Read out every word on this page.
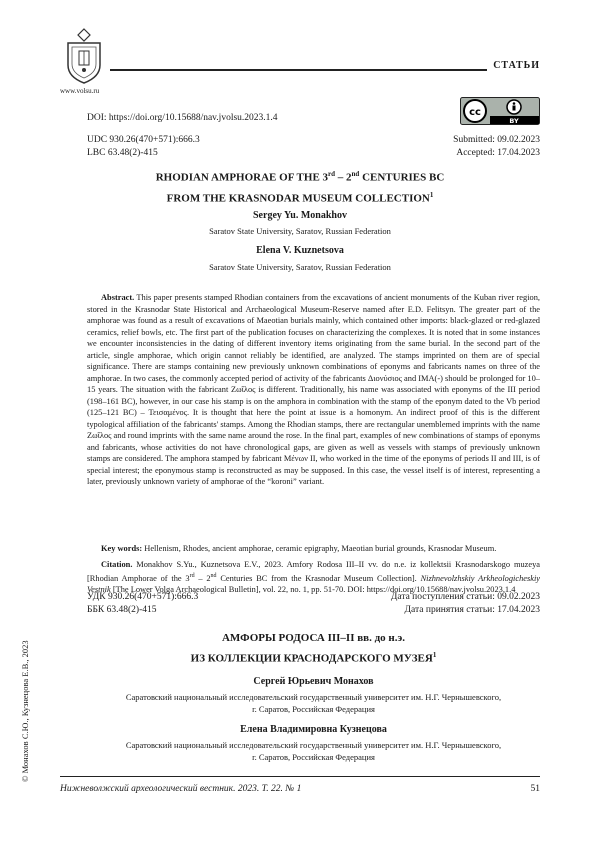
www.volsu.ru
СТАТЬИ
DOI: https://doi.org/10.15688/nav.jvolsu.2023.1.4	cc
BY
UDC 930.26(470+571):666.3
LBC 63.48(2)-415
Submitted: 09.02.2023
Accepted: 17.04.2023
RHODIAN AMPHORAE OF THE 3rd – 2nd CENTURIES BC
FROM THE KRASNODAR MUSEUM COLLECTION$^1$
Sergey Yu. Monakhov
Saratov State University, Saratov, Russian Federation
Elena V. Kuznetsova
Saratov State University, Saratov, Russian Federation

Abstract. This paper presents stamped Rhodian containers from the excavations of ancient monuments of the Kuban river region, stored in the Krasnodar State Historical and Archaeological Museum-Reserve named after E.D. Felitsyn. The greater part of the amphorae was found as a result of excavations of Maeotian burials mainly, which contained other imports: black-glazed or red-glazed ceramics, relief bowls, etc. The first part of the publication focuses on characterizing the complexes. It is noted that in some instances we encounter inconsistencies in the dating of different inventory items originating from the same burial. In the second part of the article, single amphorae, which origin cannot reliably be identified, are analyzed. The stamps imprinted on them are of special significance. There are stamps containing new previously unknown combinations of eponyms and fabricants names on three of the amphorae. In two cases, the commonly accepted period of activity of the fabricants Διονύσιος and ΙΜΑ(-) should be prolonged for 10–15 years. The situation with the fabricant Ζωΐλος is different. Traditionally, his name was associated with eponyms of the III period (198–161 BC), however, in our case his stamp is on the amphora in combination with the stamp of the eponym dated to the Vb period (125–121 BC) – Τεισαμένος. It is thought that here the point at issue is a homonym. An indirect proof of this is the different typological affiliation of the fabricants' stamps. Among the Rhodian stamps, there are rectangular unemblemed imprints with the name Ζωΐλος and round imprints with the same name around the rose. In the final part, examples of new combinations of stamps of eponyms and fabricants, whose activities do not have chronological gaps, are given as well as vessels with stamps of previously unknown stamps are considered. The amphora stamped by fabricant Μένων II, who worked in the time of the eponyms of periods II and III, is of special interest; the eponymous stamp is reconstructed as may be supposed. In this case, the vessel itself is of interest, representing a later, previously unknown variety of amphorae of the “koroni” variant.

Key words: Hellenism, Rhodes, ancient amphorae, ceramic epigraphy, Maeotian burial grounds, Krasnodar Museum.

Citation. Monakhov S.Yu., Kuznetsova E.V., 2023. Amfory Rodosa III–II vv. do n.e. iz kollektsii Krasnodarskogo muzeya [Rhodian Amphorae of the 3rd – 2nd Centuries BC from the Krasnodar Museum Collection]. Nizhnevolzhskiy Arkheologicheskiy Vestnik [The Lower Volga Archaeological Bulletin], vol. 22, no. 1, pp. 51-70. DOI: https://doi.org/10.15688/nav.jvolsu.2023.1.4

УДК 930.26(470+571):666.3
ББК 63.48(2)-415
Дата поступления статьи: 09.02.2023
Дата принятия статьи: 17.04.2023
АМФОРЫ РОДОСА III–II вв. до н.э.
ИЗ КОЛЛЕКЦИИ КРАСНОДАРСКОГО МУЗЕЯ$^1$
Сергей Юрьевич Монахов
Саратовский национальный исследовательский государственный университет им. Н.Г. Чернышевского,
г. Саратов, Российская Федерация
Елена Владимировна Кузнецова
Саратовский национальный исследовательский государственный университет им. Н.Г. Чернышевского,
г. Саратов, Российская Федерация
© Монахов С.Ю., Кузнецова Е.В., 2023
Нижневолжский археологический вестник. 2023. Т. 22. № 1	51
